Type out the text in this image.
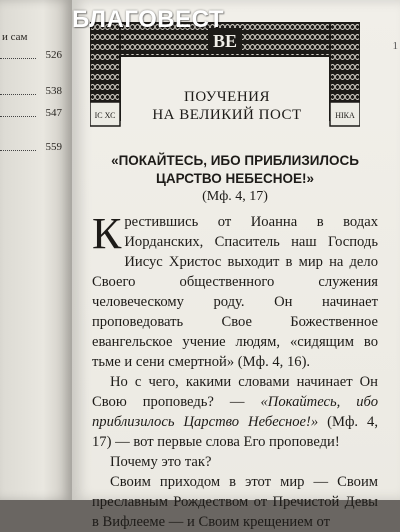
и сам
526
538
547
559
БЛАГОВЕСТ
1
ВЕ
IС ХС	НІКА
ПОУЧЕНИЯ
НА ВЕЛИКИЙ ПОСТ
«ПОКАЙТЕСЬ, ИБО ПРИБЛИЗИЛОСЬ
ЦАРСТВО НЕБЕСНОЕ!»
(Мф. 4, 17)

Крестившись от Иоанна в водах Иорданских, Спаситель наш Господь Иисус Христос выходит в мир на дело Своего общественного служения человеческому роду. Он начинает проповедовать Свое Божественное евангельское учение людям, «сидящим во тьме и сени смертной» (Мф. 4, 16).

Но с чего, какими словами начинает Он Свою проповедь? — «Покайтесь, ибо приблизилось Царство Небесное!» (Мф. 4, 17) — вот первые слова Его проповеди!

Почему это так?

Своим приходом в этот мир — Своим преславным Рождеством от Пречистой Девы в Вифлееме — и Своим крещением от
